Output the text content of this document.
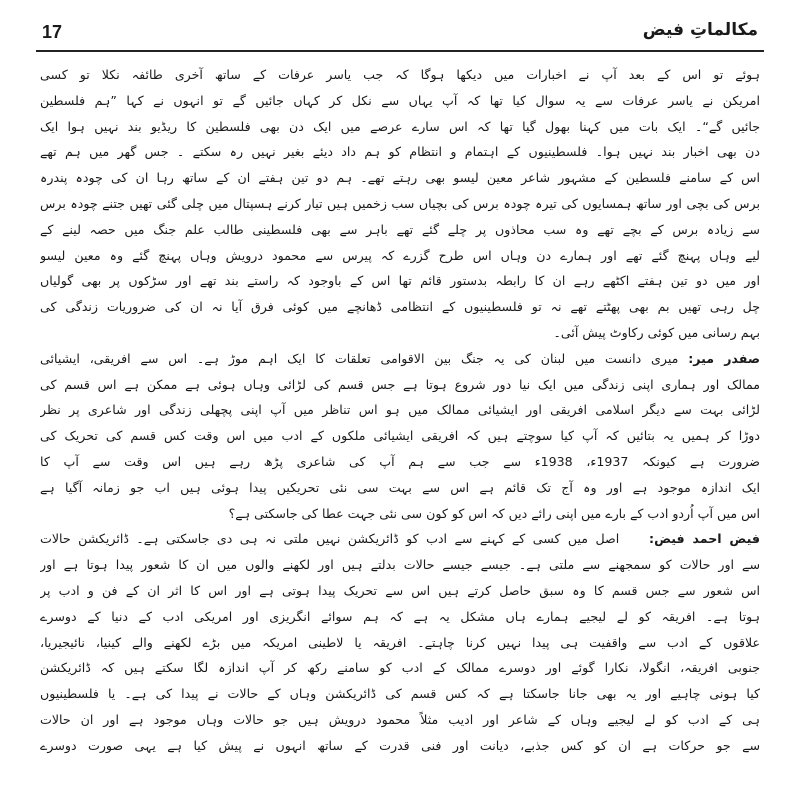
17	مکالماتِ فیض
ہوئے تو اس کے بعد آپ نے اخبارات میں دیکھا ہوگا کہ جب یاسر عرفات کے ساتھ آخری طائفہ نکلا تو کسی
امریکن نے یاسر عرفات سے یہ سوال کیا تھا کہ آپ یہاں سے نکل کر کہاں جائیں گے تو انہوں نے کہا ”ہم فلسطین
جائیں گے“۔ ایک بات میں کہنا بھول گیا تھا کہ اس سارے عرصے میں ایک دن بھی فلسطین کا ریڈیو بند نہیں ہوا ایک
دن بھی اخبار بند نہیں ہوا۔ فلسطینیوں کے اہتمام و انتظام کو ہم داد دیئے بغیر نہیں رہ سکتے ۔ جس گھر میں ہم تھے
اس کے سامنے فلسطین کے مشہور شاعر معین لیسو بھی رہتے تھے۔ ہم دو تین ہفتے ان کے ساتھ رہا ان کی چودہ پندرہ
برس کی بچی اور ساتھ ہمسایوں کی تیرہ چودہ برس کی بچیاں سب زخمیں ہیں تیار کرنے ہسپتال میں چلی گئی تھیں جتنے چودہ برس
سے زیادہ برس کے بچے تھے وہ سب محاذوں پر چلے گئے تھے باہر سے بھی فلسطینی طالب علم جنگ میں حصہ لینے کے
لیے وہاں پہنچ گئے تھے اور ہمارے دن وہاں اس طرح گزرے کہ پیرس سے محمود درویش وہاں پہنچ گئے وہ معین لیسو
اور میں دو تین ہفتے اکٹھے رہے ان کا رابطہ بدستور قائم تھا اس کے باوجود کہ راستے بند تھے اور سڑکوں پر بھی گولیاں
چل رہی تھیں بم بھی پھٹتے تھے نہ تو فلسطینیوں کے انتظامی ڈھانچے میں کوئی فرق آیا نہ ان کی ضروریات زندگی کی
بہم رسانی میں کوئی رکاوٹ پیش آئی۔
صفدر میر: میری دانست میں لبنان کی یہ جنگ بین الاقوامی تعلقات کا ایک اہم موڑ ہے۔ اس سے افریقی، ایشیائی
ممالک اور ہماری اپنی زندگی میں ایک نیا دور شروع ہوتا ہے جس قسم کی لڑائی وہاں ہوئی ہے ممکن ہے اس قسم کی
لڑائی بہت سے دیگر اسلامی افریقی اور ایشیائی ممالک میں ہو اس تناظر میں آپ اپنی پچھلی زندگی اور شاعری پر نظر
دوڑا کر ہمیں یہ بتائیں کہ آپ کیا سوچتے ہیں کہ افریقی ایشیائی ملکوں کے ادب میں اس وقت کس قسم کی تحریک کی
ضرورت ہے کیونکہ 1937ء، 1938ء سے جب سے ہم آپ کی شاعری پڑھ رہے ہیں اس وقت سے آپ کا
ایک اندازہ موجود ہے اور وہ آج تک قائم ہے اس سے بہت سی نئی تحریکیں پیدا ہوئی ہیں اب جو زمانہ آگیا ہے
اس میں آپ اُردو ادب کے بارے میں اپنی رائے دیں کہ اس کو کون سی نئی جہت عطا کی جاسکتی ہے؟
فیض احمد فیض:    اصل میں کسی کے کہنے سے ادب کو ڈائریکشن نہیں ملتی نہ ہی دی جاسکتی ہے۔ ڈائریکشن حالات
سے اور حالات کو سمجھنے سے ملتی ہے۔ جیسے جیسے حالات بدلتے ہیں اور لکھنے والوں میں ان کا شعور پیدا ہوتا ہے اور
اس شعور سے جس قسم کا وہ سبق حاصل کرتے ہیں اس سے تحریک پیدا ہوتی ہے اور اس کا اثر ان کے فن و ادب پر
ہوتا ہے۔ افریقہ کو لے لیجیے ہمارے ہاں مشکل یہ ہے کہ ہم سوائے انگریزی اور امریکی ادب کے دنیا کے دوسرے
علاقوں کے ادب سے واقفیت ہی پیدا نہیں کرنا چاہتے۔ افریقہ یا لاطینی امریکہ میں بڑے لکھنے والے کینیا، نائیجیریا،
جنوبی افریقہ، انگولا، نکارا گوئے اور دوسرے ممالک کے ادب کو سامنے رکھ کر آپ اندازہ لگا سکتے ہیں کہ ڈائریکشن
کیا ہونی چاہیے اور یہ بھی جانا جاسکتا ہے کہ کس قسم کی ڈائریکشن وہاں کے حالات نے پیدا کی ہے۔ یا فلسطینیوں
ہی کے ادب کو لے لیجیے وہاں کے شاعر اور ادیب مثلاً محمود درویش ہیں جو حالات وہاں موجود ہے اور ان حالات
سے جو حرکات ہے ان کو کس جذبے، دیانت اور فنی قدرت کے ساتھ انہوں نے پیش کیا ہے یہی صورت دوسرے
